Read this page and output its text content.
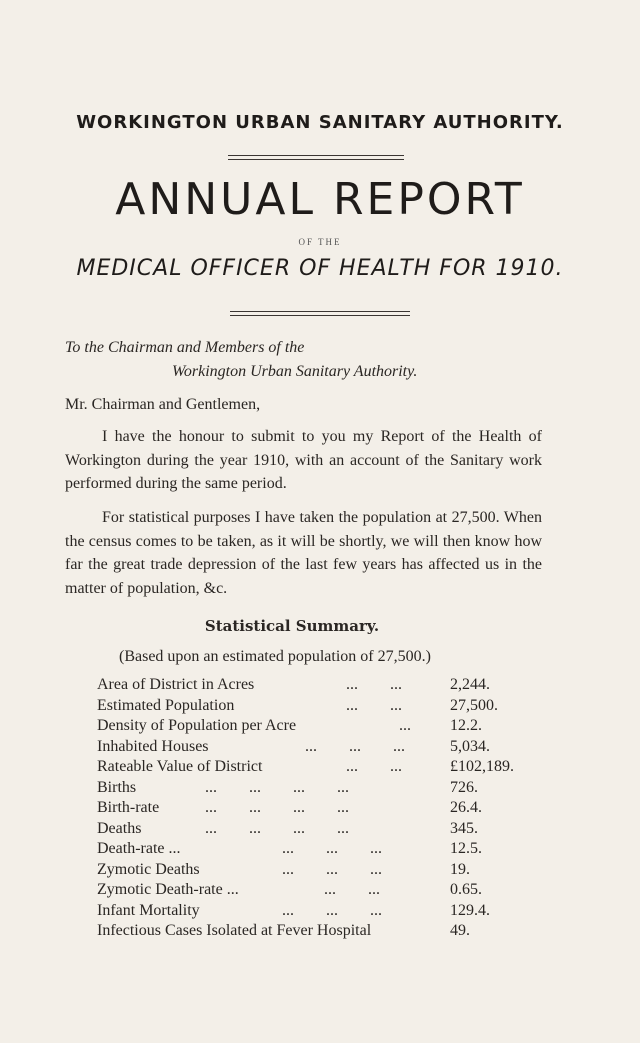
WORKINGTON URBAN SANITARY AUTHORITY.
ANNUAL REPORT
OF THE
MEDICAL OFFICER OF HEALTH FOR 1910.
To the Chairman and Members of the
Workington Urban Sanitary Authority.
Mr. Chairman and Gentlemen,

I have the honour to submit to you my Report of the Health of Workington during the year 1910, with an account of the Sanitary work performed during the same period.

For statistical purposes I have taken the population at 27,500. When the census comes to be taken, as it will be shortly, we will then know how far the great trade depression of the last few years has affected us in the matter of population, &c.

Statistical Summary.
(Based upon an estimated population of 27,500.)
Area of District in Acres	...        ...	2,244.
Estimated Population	...        ...	27,500.
Density of Population per Acre	... 12.2.
Inhabited Houses	...        ...        ...	5,034.
Rateable Value of District	...        ...	£102,189.
Births	...        ...        ...        ...	726.
Birth-rate	...        ...        ...        ...	26.4.
Deaths	...        ...        ...        ...	345.
Death-rate ...	...        ...        ...	12.5.
Zymotic Deaths	...        ...        ...	19.
Zymotic Death-rate ...	...        ...	0.65.
Infant Mortality	...        ...        ...	129.4.
Infectious Cases Isolated at Fever Hospital	49.
